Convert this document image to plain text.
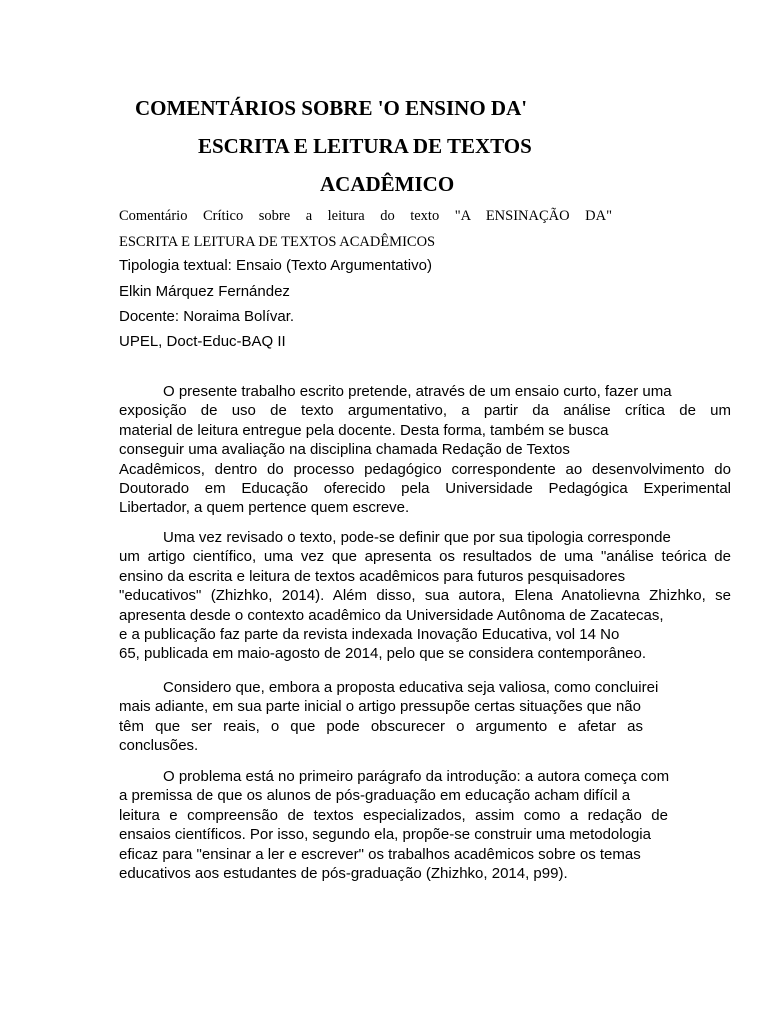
COMENTÁRIOS SOBRE 'O ENSINO DA'
ESCRITA E LEITURA DE TEXTOS
ACADÊMICO
Comentário Crítico sobre a leitura do texto "A ENSINAÇÃO DA"
ESCRITA E LEITURA DE TEXTOS ACADÊMICOS
Tipologia textual: Ensaio (Texto Argumentativo)
Elkin Márquez Fernández
Docente: Noraima Bolívar.
UPEL, Doct-Educ-BAQ II
O presente trabalho escrito pretende, através de um ensaio curto, fazer uma
exposição de uso de texto argumentativo, a partir da análise crítica de um
material de leitura entregue pela docente. Desta forma, também se busca
conseguir uma avaliação na disciplina chamada Redação de Textos
Acadêmicos, dentro do processo pedagógico correspondente ao desenvolvimento do
Doutorado em Educação oferecido pela Universidade Pedagógica Experimental
Libertador, a quem pertence quem escreve.
Uma vez revisado o texto, pode-se definir que por sua tipologia corresponde
um artigo científico, uma vez que apresenta os resultados de uma "análise teórica de
ensino da escrita e leitura de textos acadêmicos para futuros pesquisadores
"educativos" (Zhizhko, 2014). Além disso, sua autora, Elena Anatolievna Zhizhko, se
apresenta desde o contexto acadêmico da Universidade Autônoma de Zacatecas,
e a publicação faz parte da revista indexada Inovação Educativa, vol 14 No
65, publicada em maio-agosto de 2014, pelo que se considera contemporâneo.
Considero que, embora a proposta educativa seja valiosa, como concluirei
mais adiante, em sua parte inicial o artigo pressupõe certas situações que não
têm que ser reais, o que pode obscurecer o argumento e afetar as
conclusões.
O problema está no primeiro parágrafo da introdução: a autora começa com
a premissa de que os alunos de pós-graduação em educação acham difícil a
leitura e compreensão de textos especializados, assim como a redação de
ensaios científicos. Por isso, segundo ela, propõe-se construir uma metodologia
eficaz para "ensinar a ler e escrever" os trabalhos acadêmicos sobre os temas
educativos aos estudantes de pós-graduação (Zhizhko, 2014, p99).
